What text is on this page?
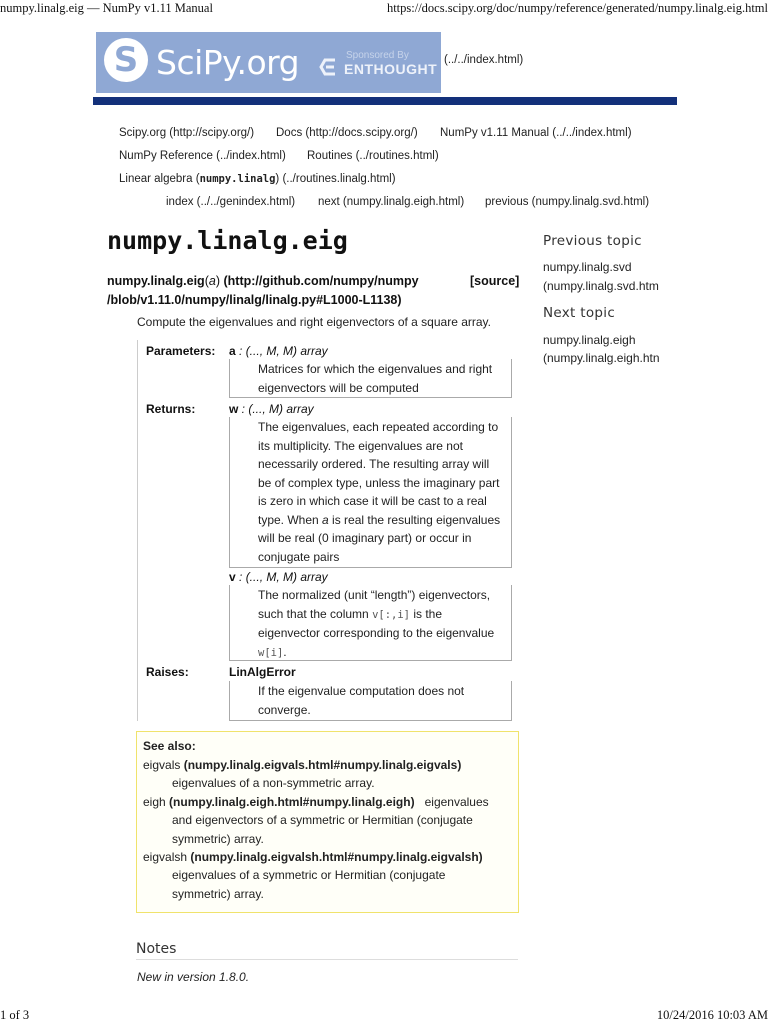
numpy.linalg.eig — NumPy v1.11 Manual	https://docs.scipy.org/doc/numpy/reference/generated/numpy.linalg.eig.html
S SciPy.org	Sponsored By
ENTHOUGHT
(../../index.html)
Scipy.org (http://scipy.org/) Docs (http://docs.scipy.org/) NumPy v1.11 Manual (../../index.html)
NumPy Reference (../index.html) Routines (../routines.html)
Linear algebra (numpy.linalg) (../routines.linalg.html)
index (../../genindex.html) next (numpy.linalg.eigh.html) previous (numpy.linalg.svd.html)
numpy.linalg.eig	Previous topic
numpy.linalg.svd
(numpy.linalg.svd.htm
Next topic
numpy.linalg.eigh
(numpy.linalg.eigh.htn
numpy.linalg.eig(a) (http://github.com/numpy/numpy
/blob/v1.11.0/numpy/linalg/linalg.py#L1000-L1138)
[source]
Compute the eigenvalues and right eigenvectors of a square array.
Parameters: a : (..., M, M) array
Matrices for which the eigenvalues and right
eigenvectors will be computed
Returns:	w : (..., M) array
The eigenvalues, each repeated according to
its multiplicity. The eigenvalues are not
necessarily ordered. The resulting array will
be of complex type, unless the imaginary part
is zero in which case it will be cast to a real
type. When a is real the resulting eigenvalues
will be real (0 imaginary part) or occur in
conjugate pairs
v : (..., M, M) array
The normalized (unit “length”) eigenvectors,
such that the column v[:,i] is the
eigenvector corresponding to the eigenvalue
w[i].
Raises:	LinAlgError
If the eigenvalue computation does not
converge.
See also:
eigvals (numpy.linalg.eigvals.html#numpy.linalg.eigvals)
eigenvalues of a non-symmetric array.
eigh (numpy.linalg.eigh.html#numpy.linalg.eigh) eigenvalues
and eigenvectors of a symmetric or Hermitian (conjugate
symmetric) array.
eigvalsh (numpy.linalg.eigvalsh.html#numpy.linalg.eigvalsh)
eigenvalues of a symmetric or Hermitian (conjugate
symmetric) array.
Notes
New in version 1.8.0.
1 of 3	10/24/2016 10:03 AM
